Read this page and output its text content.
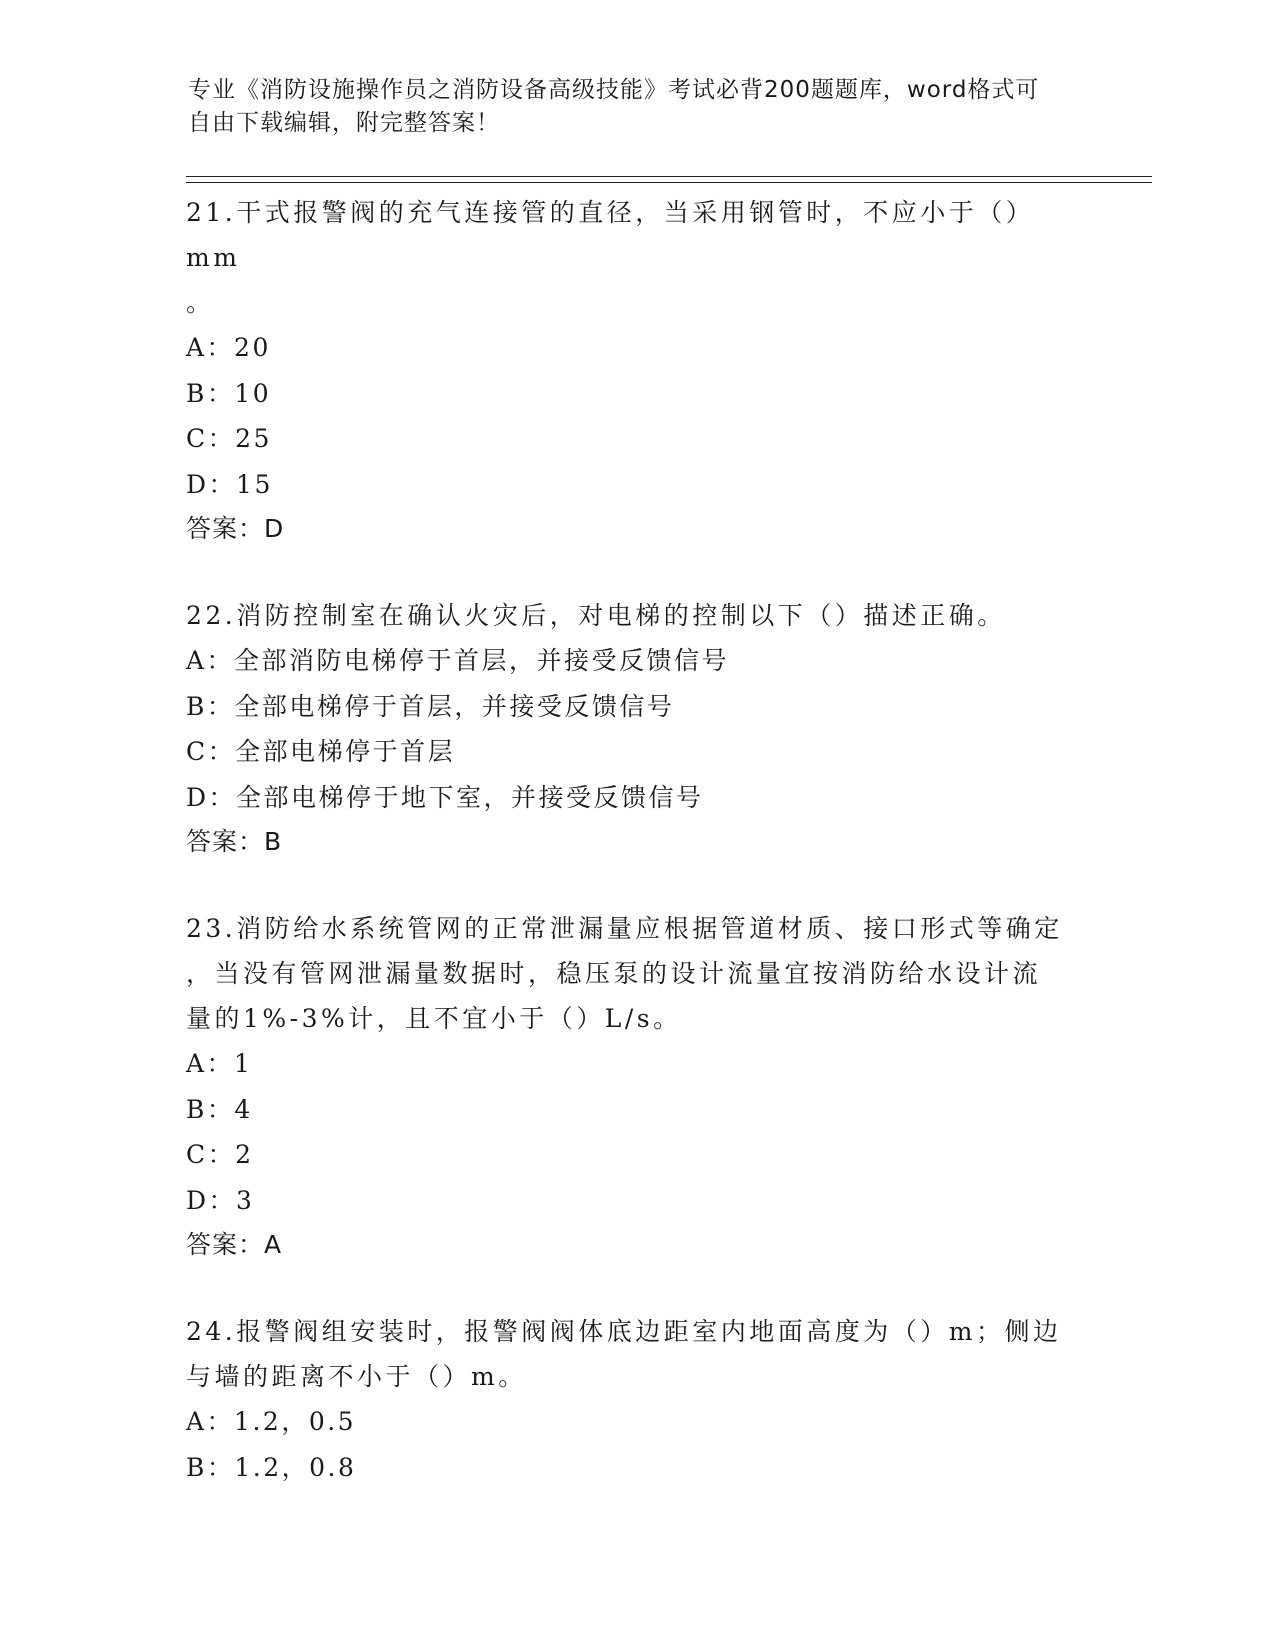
专业《消防设施操作员之消防设备高级技能》考试必背200题题库，word格式可
自由下载编辑，附完整答案！
21.干式报警阀的充气连接管的直径，当采用钢管时，不应小于（）mm
。
A：20
B：10
C：25
D：15
答案：D
22.消防控制室在确认火灾后，对电梯的控制以下（）描述正确。
A：全部消防电梯停于首层，并接受反馈信号
B：全部电梯停于首层，并接受反馈信号
C：全部电梯停于首层
D：全部电梯停于地下室，并接受反馈信号
答案：B
23.消防给水系统管网的正常泄漏量应根据管道材质、接口形式等确定
，当没有管网泄漏量数据时，稳压泵的设计流量宜按消防给水设计流
量的1%-3%计，且不宜小于（）L/s。
A：1
B：4
C：2
D：3
答案：A
24.报警阀组安装时，报警阀阀体底边距室内地面高度为（）m；侧边
与墙的距离不小于（）m。
A：1.2，0.5
B：1.2，0.8
